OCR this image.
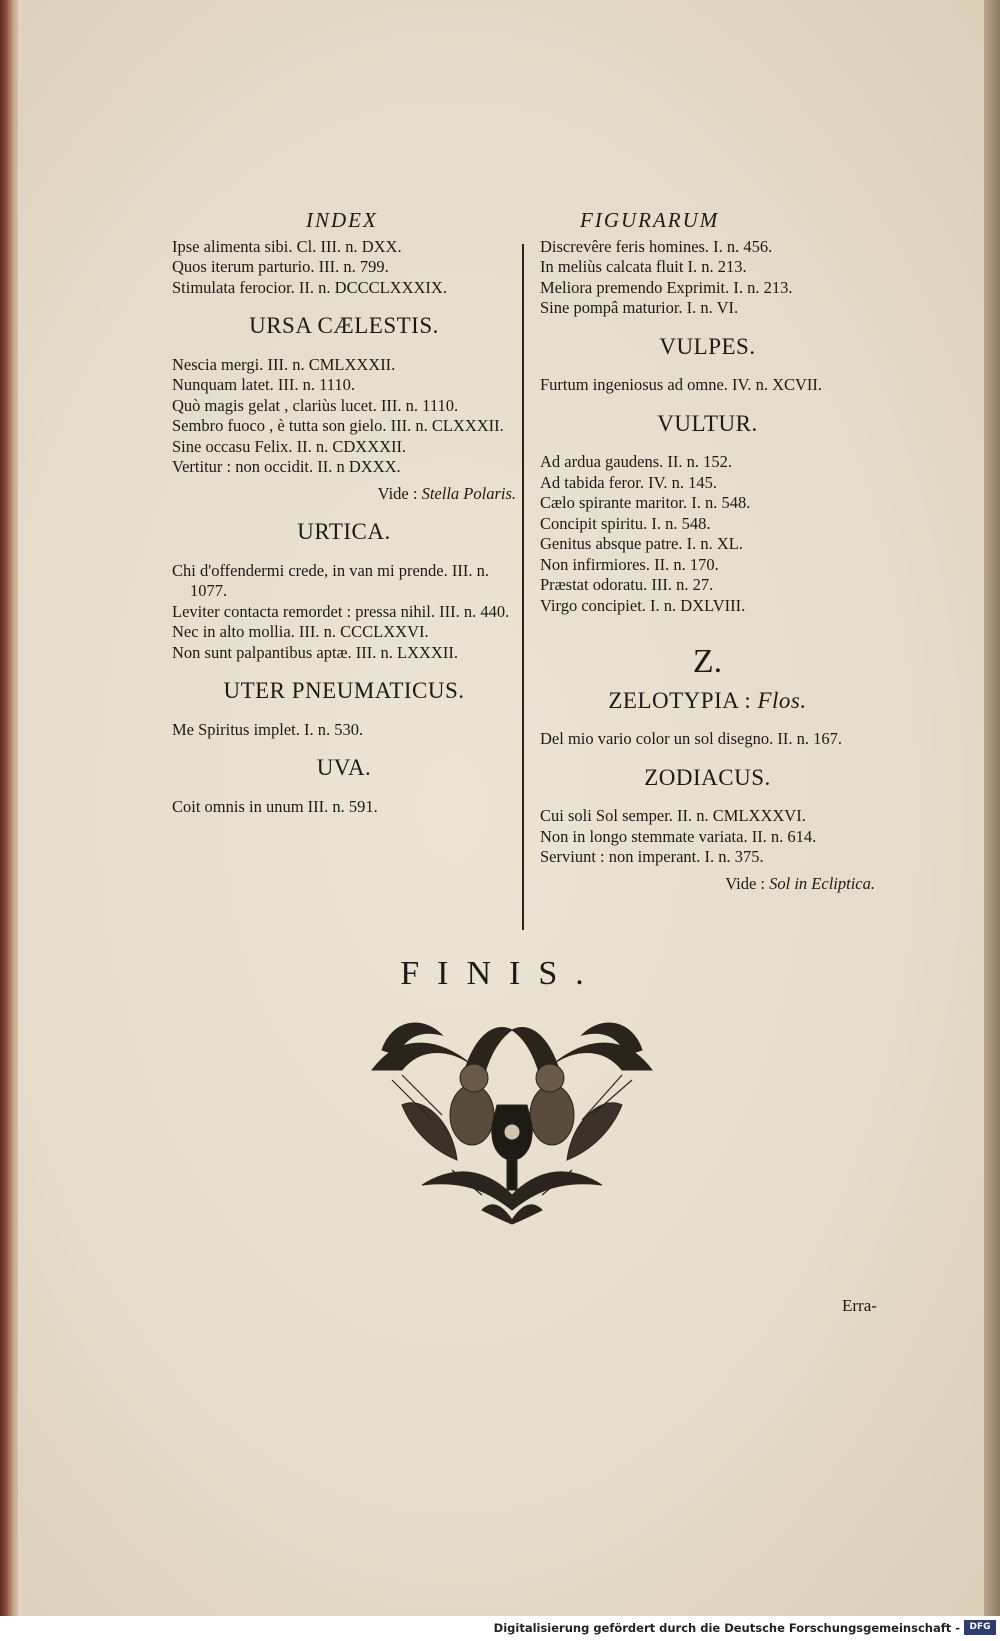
INDEX

Ipse alimenta sibi. Cl. III. n. DXX.

Quos iterum parturio. III. n. 799.

Stimulata ferocior. II. n. DCCCLXXXIX.

URSA CÆLESTIS.

Nescia mergi. III. n. CMLXXXII.

Nunquam latet. III. n. 1110.

Quò magis gelat , clariùs lucet. III. n. 1110.

Sembro fuoco , è tutta son gielo. III. n. CLXXXII.

Sine occasu Felix. II. n. CDXXXII.

Vertitur : non occidit. II. n DXXX.

Vide : Stella Polaris.
URTICA.

Chi d'offendermi crede, in van mi prende. III. n. 1077.

Leviter contacta remordet : pressa nihil. III. n. 440.

Nec in alto mollia. III. n. CCCLXXVI.

Non sunt palpantibus aptæ. III. n. LXXXII.

UTER PNEUMATICUS.

Me Spiritus implet. I. n. 530.

UVA.

Coit omnis in unum III. n. 591.

FIGURARUM

Discrevêre feris homines. I. n. 456.

In meliùs calcata fluit I. n. 213.

Meliora premendo Exprimit. I. n. 213.

Sine pompâ maturior. I. n. VI.

VULPES.

Furtum ingeniosus ad omne. IV. n. XCVII.

VULTUR.

Ad ardua gaudens. II. n. 152.

Ad tabida feror. IV. n. 145.

Cælo spirante maritor. I. n. 548.

Concipit spiritu. I. n. 548.

Genitus absque patre. I. n. XL.

Non infirmiores. II. n. 170.

Præstat odoratu. III. n. 27.

Virgo concipiet. I. n. DXLVIII.

Z.
ZELOTYPIA : Flos.

Del mio vario color un sol disegno. II. n. 167.

ZODIACUS.

Cui soli Sol semper. II. n. CMLXXXVI.

Non in longo stemmate variata. II. n. 614.

Serviunt : non imperant. I. n. 375.

Vide : Sol in Ecliptica.
FINIS.
Erra-
Digitalisierung gefördert durch die Deutsche Forschungsgemeinschaft -	DFG
